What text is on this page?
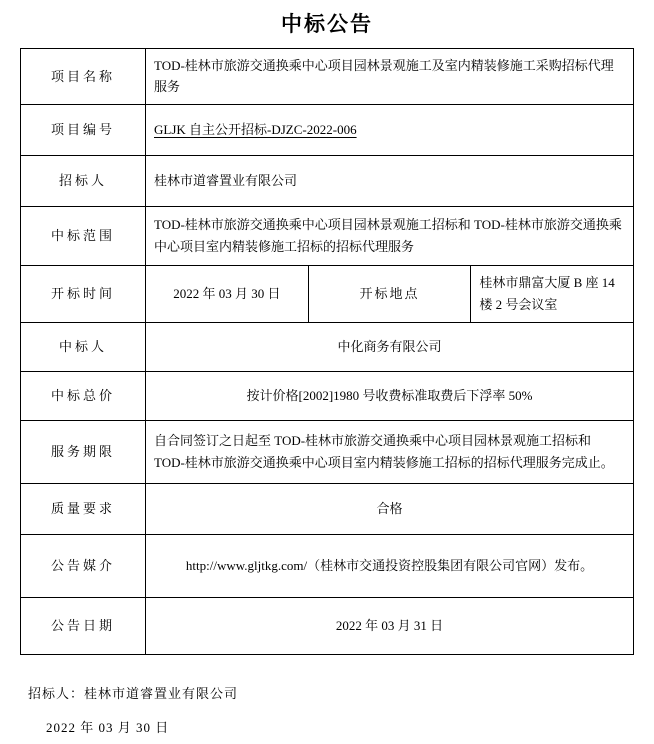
中标公告
项目名称	TOD-桂林市旅游交通换乘中心项目园林景观施工及室内精装修施工采购招标代理服务		
项目编号	GLJK 自主公开招标-DJZC-2022-006		
招标人	桂林市道睿置业有限公司		
中标范围	TOD-桂林市旅游交通换乘中心项目园林景观施工招标和 TOD-桂林市旅游交通换乘中心项目室内精装修施工招标的招标代理服务		
开标时间	2022 年 03 月 30 日	开标地点	桂林市鼎富大厦 B 座 14 楼 2 号会议室
中标人	中化商务有限公司		
中标总价	按计价格[2002]1980 号收费标准取费后下浮率 50%		
服务期限	自合同签订之日起至 TOD-桂林市旅游交通换乘中心项目园林景观施工招标和 TOD-桂林市旅游交通换乘中心项目室内精装修施工招标的招标代理服务完成止。		
质量要求	合格		
公告媒介	http://www.gljtkg.com/（桂林市交通投资控股集团有限公司官网）发布。		
公告日期	2022 年 03 月 31 日		
招标人：桂林市道睿置业有限公司
2022 年 03 月 30 日
